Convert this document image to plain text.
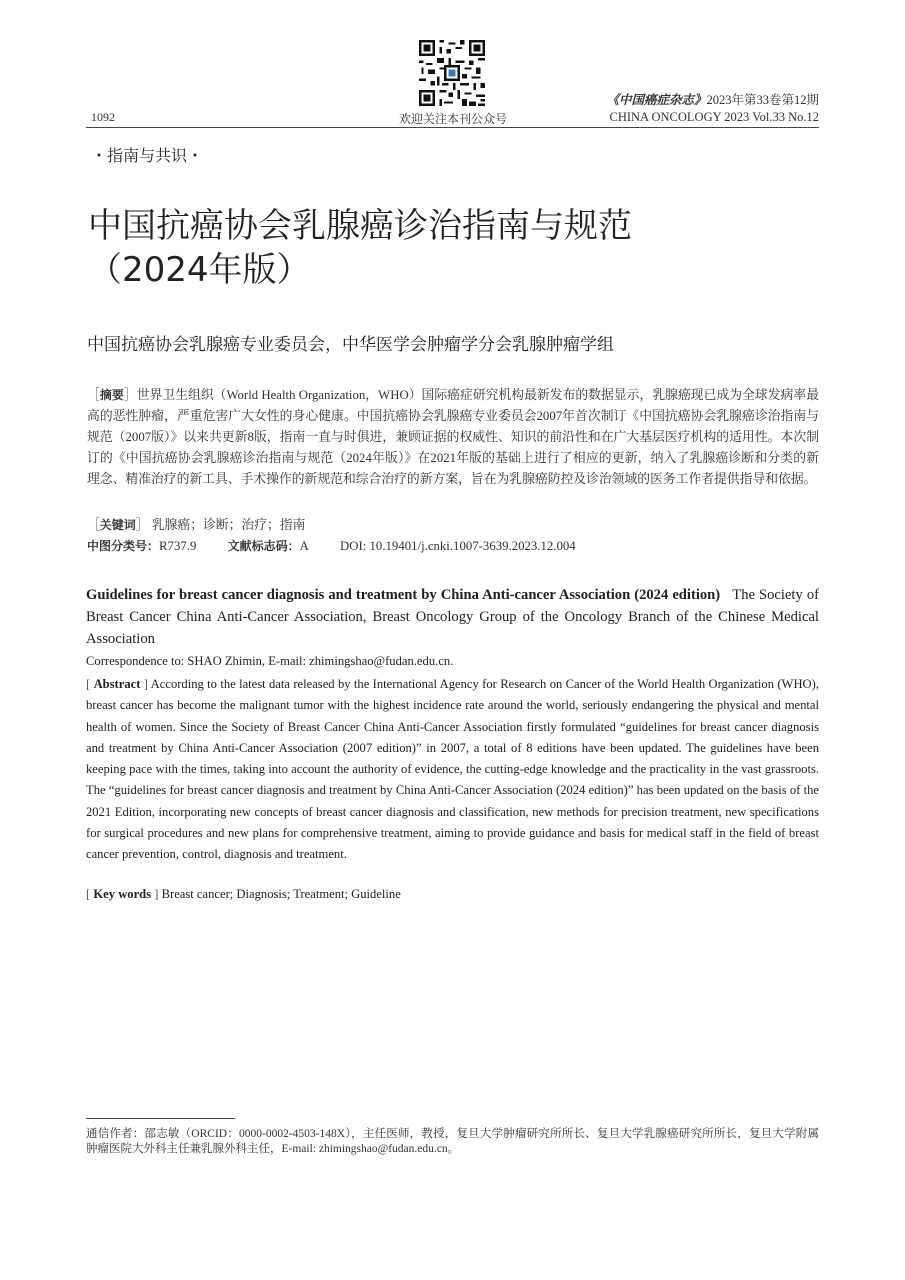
1092	欢迎关注本刊公众号
《中国癌症杂志》2023年第33卷第12期
CHINA ONCOLOGY 2023 Vol.33 No.12
・指南与共识・
中国抗癌协会乳腺癌诊治指南与规范
（2024年版）
中国抗癌协会乳腺癌专业委员会，中华医学会肿瘤学分会乳腺肿瘤学组
［摘要］世界卫生组织（World Health Organization，WHO）国际癌症研究机构最新发布的数据显示，乳腺癌现已成为全球发病率最高的恶性肿瘤，严重危害广大女性的身心健康。中国抗癌协会乳腺癌专业委员会2007年首次制订《中国抗癌协会乳腺癌诊治指南与规范（2007版）》以来共更新8版，指南一直与时俱进，兼顾证据的权威性、知识的前沿性和在广大基层医疗机构的适用性。本次制订的《中国抗癌协会乳腺癌诊治指南与规范（2024年版）》在2021年版的基础上进行了相应的更新，纳入了乳腺癌诊断和分类的新理念、精准治疗的新工具、手术操作的新规范和综合治疗的新方案，旨在为乳腺癌防控及诊治领域的医务工作者提供指导和依据。
［关键词］ 乳腺癌；诊断；治疗；指南
中图分类号：R737.9	文献标志码：A DOI: 10.19401/j.cnki.1007-3639.2023.12.004
Guidelines for breast cancer diagnosis and treatment by China Anti-cancer Association (2024 edition) The Society of Breast Cancer China Anti-Cancer Association, Breast Oncology Group of the Oncology Branch of the Chinese Medical Association
Correspondence to: SHAO Zhimin, E-mail: zhimingshao@fudan.edu.cn.
[ Abstract ] According to the latest data released by the International Agency for Research on Cancer of the World Health Organization (WHO), breast cancer has become the malignant tumor with the highest incidence rate around the world, seriously endangering the physical and mental health of women. Since the Society of Breast Cancer China Anti-Cancer Association firstly formulated “guidelines for breast cancer diagnosis and treatment by China Anti-Cancer Association (2007 edition)” in 2007, a total of 8 editions have been updated. The guidelines have been keeping pace with the times, taking into account the authority of evidence, the cutting-edge knowledge and the practicality in the vast grassroots. The “guidelines for breast cancer diagnosis and treatment by China Anti-Cancer Association (2024 edition)” has been updated on the basis of the 2021 Edition, incorporating new concepts of breast cancer diagnosis and classification, new methods for precision treatment, new specifications for surgical procedures and new plans for comprehensive treatment, aiming to provide guidance and basis for medical staff in the field of breast cancer prevention, control, diagnosis and treatment.
[ Key words ] Breast cancer; Diagnosis; Treatment; Guideline
通信作者：邵志敏（ORCID：0000-0002-4503-148X），主任医师，教授，复旦大学肿瘤研究所所长、复旦大学乳腺癌研究所所长，复旦大学附属肿瘤医院大外科主任兼乳腺外科主任，E-mail: zhimingshao@fudan.edu.cn。
